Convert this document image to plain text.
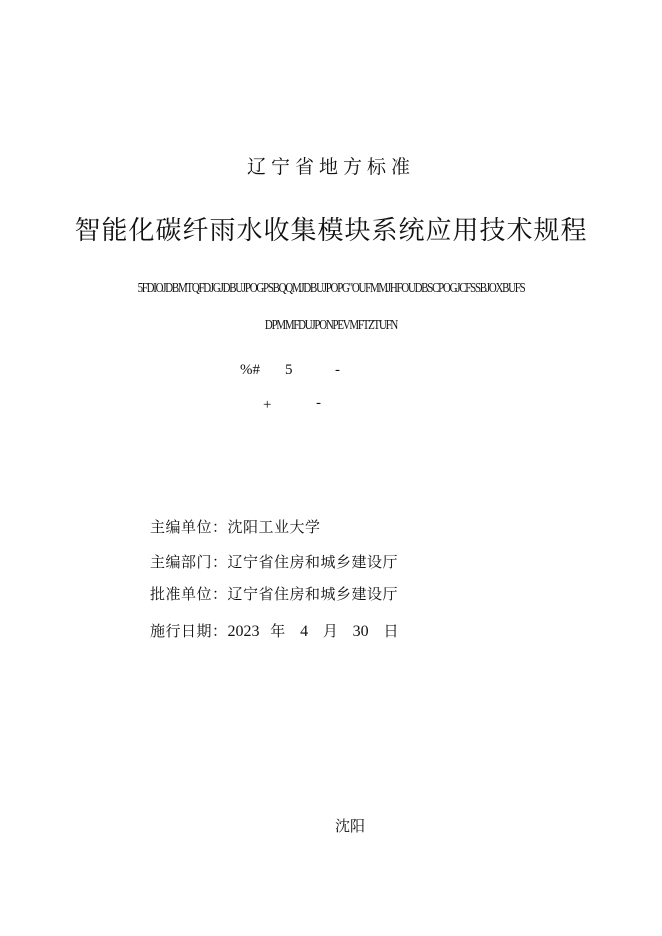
辽宁省地方标准
智能化碳纤雨水收集模块系统应用技术规程
5FDIOJDBMTQFDJGJDBUJPOGPSBQQMJDBUJPOPG"OUFMMJHFOUDBSCPOGJCFSSBJOXBUFS
DPMMFDUJPONPEVMFTZTUFN
%# 5	-
+	-
主编单位：沈阳工业大学
主编部门：辽宁省住房和城乡建设厅
批准单位：辽宁省住房和城乡建设厅
施行日期：2023 年 4 月 30 日
沈阳
